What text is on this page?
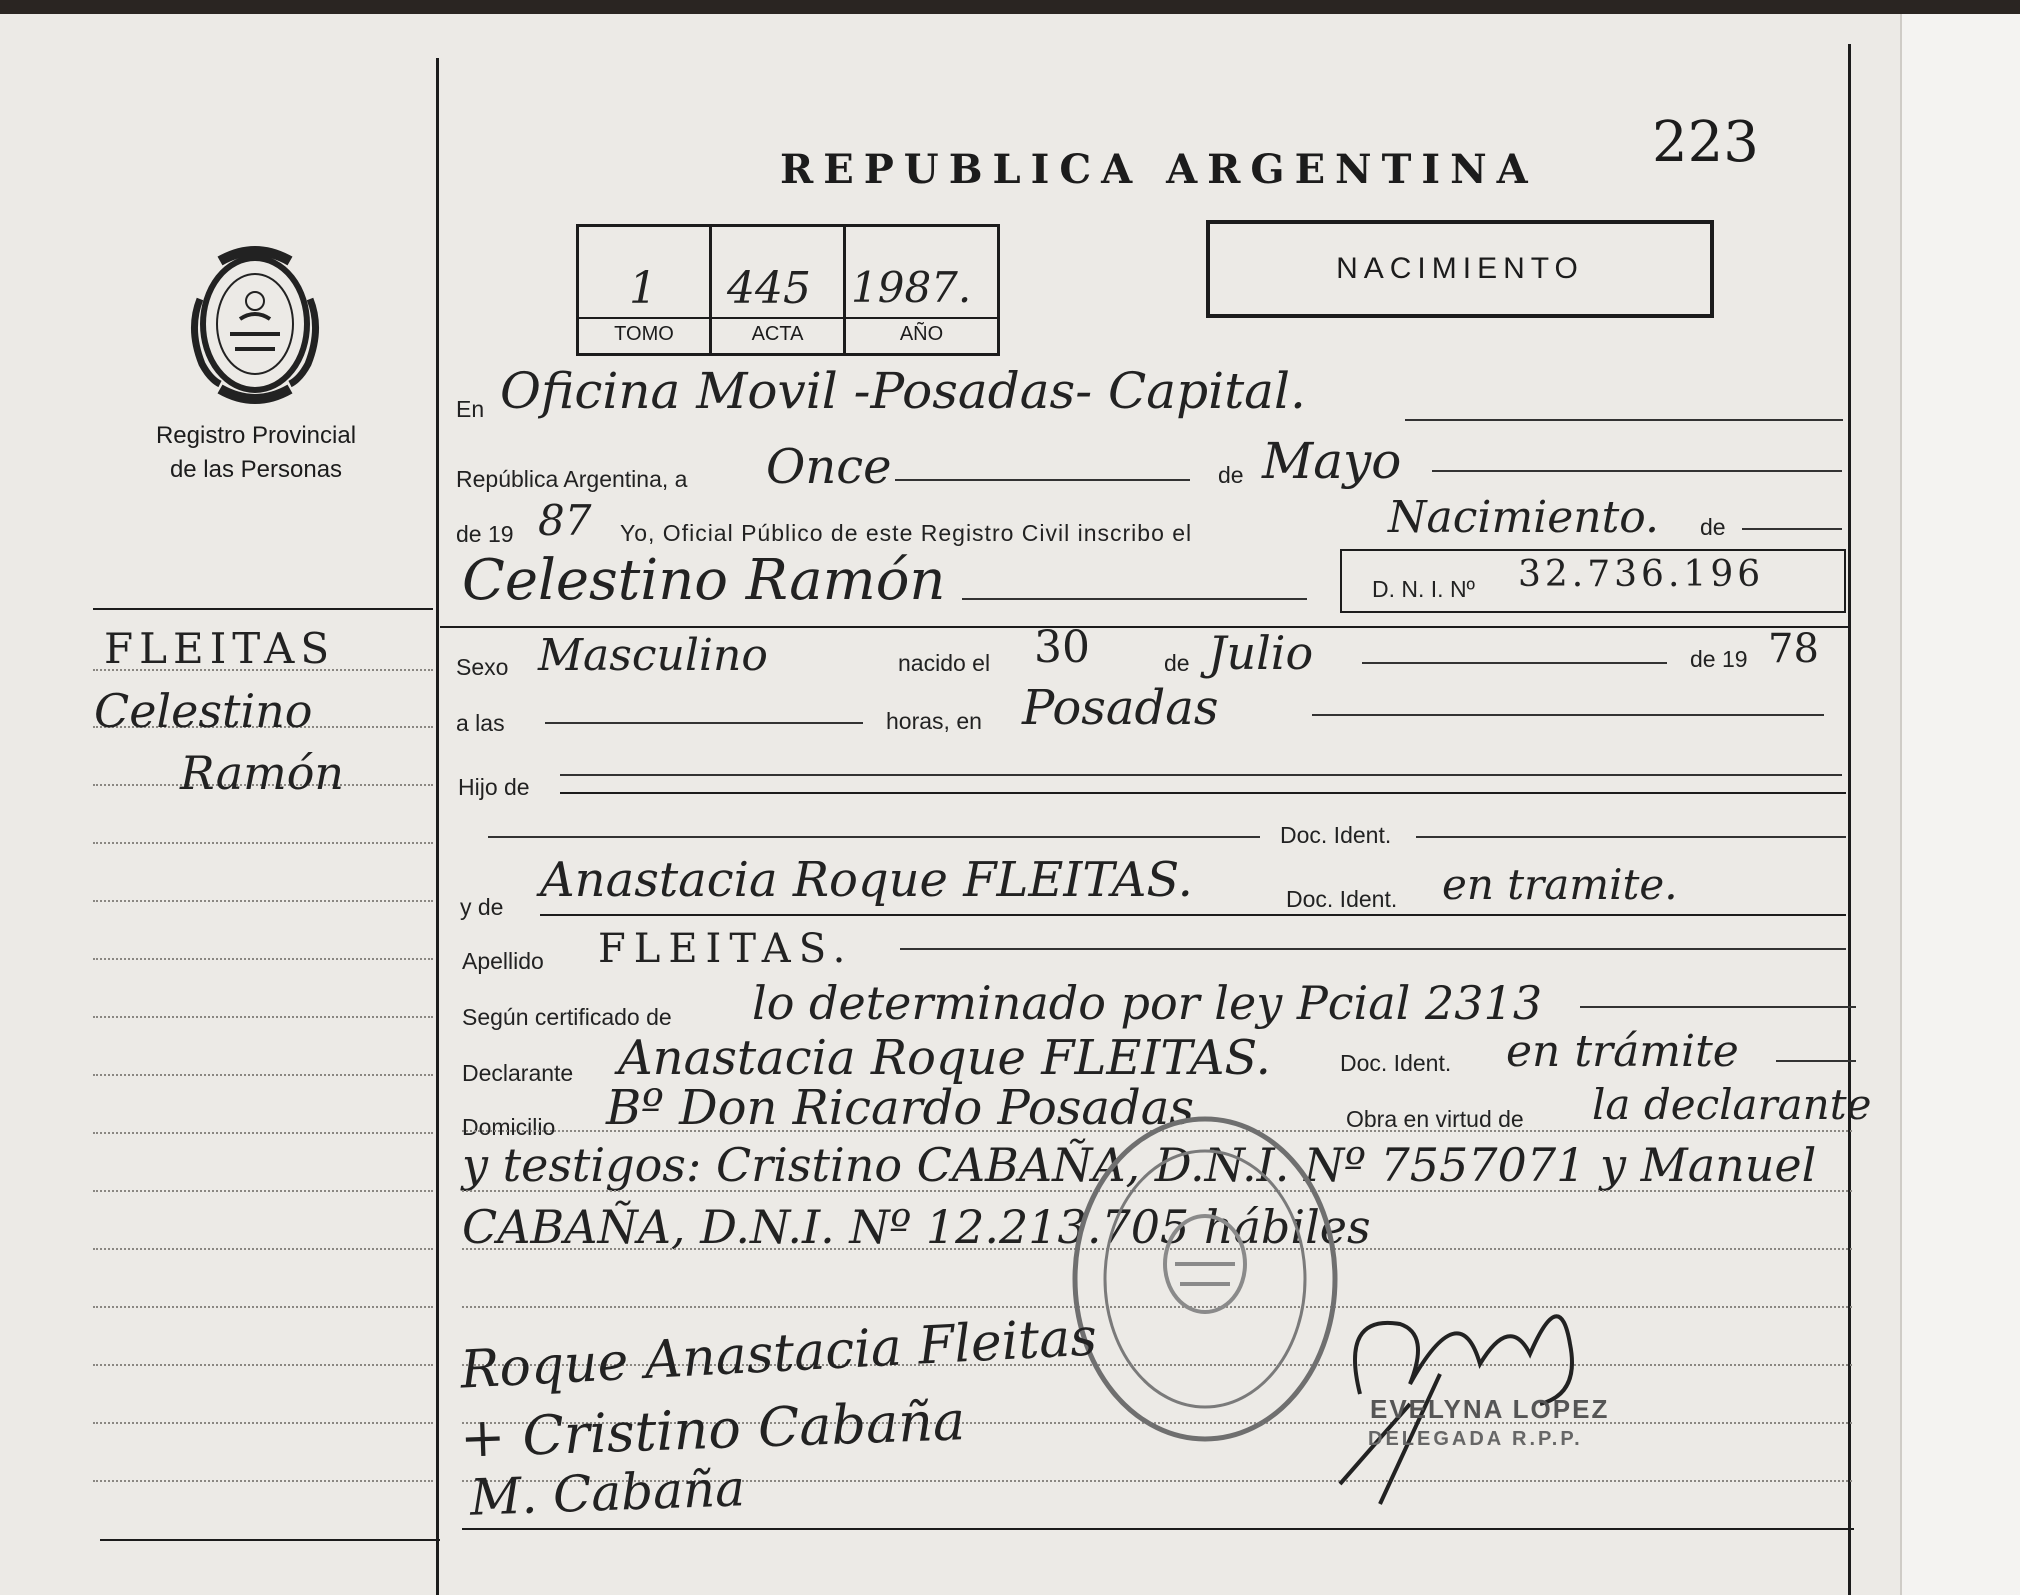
REPUBLICA ARGENTINA 223
Registro Provincial
de las Personas
FLEITAS
Celestino
Ramón
1 445 1987.
TOMO	ACTA	AÑO
NACIMIENTO
En Oficina Movil -Posadas- Capital.
República Argentina, a Once	de Mayo
de 19 87 Yo, Oficial Público de este Registro Civil inscribo el	Nacimiento. de
Celestino Ramón	D. N. I. Nº 32.736.196
Sexo Masculino	nacido el 30	de Julio	de 19 78
a las	horas, en Posadas
Hijo de
Doc. Ident.
y de Anastacia Roque FLEITAS.	Doc. Ident. en tramite.
Apellido FLEITAS.
Según certificado de lo determinado por ley Pcial 2313
Declarante Anastacia Roque FLEITAS.	Doc. Ident. en trámite
Domicilio Bº Don Ricardo Posadas	Obra en virtud de la declarante
y testigos: Cristino CABAÑA, D.N.I. Nº 7557071 y Manuel
CABAÑA, D.N.I. Nº 12.213.705 hábiles
Roque Anastacia Fleitas
+ Cristino Cabaña
M. Cabaña
EVELYNA LOPEZ
DELEGADA R.P.P.
